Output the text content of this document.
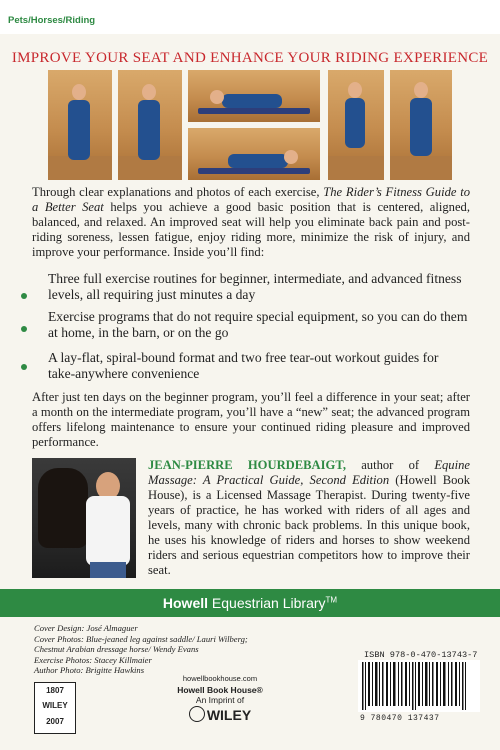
Pets/Horses/Riding
IMPROVE YOUR SEAT AND ENHANCE YOUR RIDING EXPERIENCE
Through clear explanations and photos of each exercise, The Rider’s Fitness Guide to a Better Seat helps you achieve a good basic position that is centered, aligned, balanced, and relaxed. An improved seat will help you eliminate back pain and post-riding soreness, lessen fatigue, enjoy riding more, minimize the risk of injury, and improve your performance. Inside you’ll find:
Three full exercise routines for beginner, intermediate, and advanced fitness levels, all requiring just minutes a day
Exercise programs that do not require special equipment, so you can do them at home, in the barn, or on the go
A lay-flat, spiral-bound format and two free tear-out workout guides for take-anywhere convenience
After just ten days on the beginner program, you’ll feel a difference in your seat; after a month on the intermediate program, you’ll have a “new” seat; the advanced program offers lifelong maintenance to ensure your continued riding pleasure and improved performance.
JEAN-PIERRE HOURDEBAIGT, author of Equine Massage: A Practical Guide, Second Edition (Howell Book House), is a Licensed Massage Therapist. During twenty-five years of practice, he has worked with riders of all ages and levels, many with chronic back problems. In this unique book, he uses his knowledge of riders and horses to show weekend riders and serious equestrian competitors how to improve their seat.
Howell Equestrian Library™
Cover Design: José Almaguer
Cover Photos: Blue-jeaned leg against saddle/ Lauri Wilberg;
Chestnut Arabian dressage horse/ Wendy Evans
Exercise Photos: Stacey Killmaier
Author Photo: Brigitte Hawkins
ISBN 978-0-470-13743-7
9 780470 137437
1807
WILEY
2007
howellbookhouse.com
Howell Book House®
An Imprint of
WILEY
